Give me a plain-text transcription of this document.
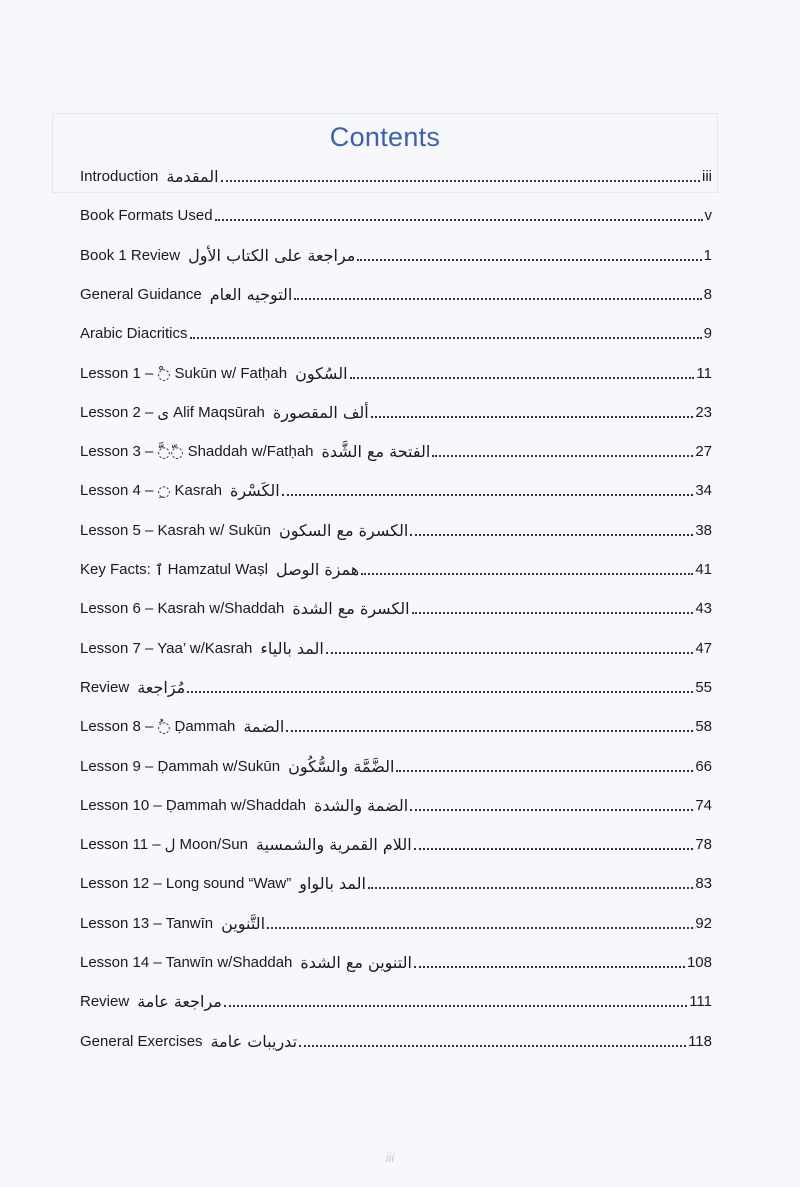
Contents
Introduction المقدمة	iii
Book Formats Used	v
Book 1 Review مراجعة على الكتاب الأول	1
General Guidance التوجيه العام	8
Arabic Diacritics	9
Lesson 1 – ◌ْ Sukūn w/ Fatḥah السُكون	11
Lesson 2 – ى Alif Maqsūrah ألف المقصورة	23
Lesson 3 – ◌َّ◌ّ Shaddah w/Fatḥah الفتحة مع الشَّدة	27
Lesson 4 – ◌ِ Kasrah الكَسْرة	34
Lesson 5 – Kasrah w/ Sukūn الكسرة مع السكون	38
Key Facts: ٱ Hamzatul Waṣl همزة الوصل	41
Lesson 6 – Kasrah w/Shaddah الكسرة مع الشدة	43
Lesson 7 – Yaa’ w/Kasrah المد بالياء	47
Review مُرَاجعة	55
Lesson 8 – ◌ُ Ḍammah الضمة	58
Lesson 9 – Ḍammah w/Sukūn الضَّمَّة والسُّكُون	66
Lesson 10 – Ḍammah w/Shaddah الضمة والشدة	74
Lesson 11 – ل Moon/Sun اللام القمرية والشمسية	78
Lesson 12 – Long sound “Waw” المد بالواو	83
Lesson 13 – Tanwīn التَّنوين	92
Lesson 14 – Tanwīn w/Shaddah التنوين مع الشدة	108
Review مراجعة عامة	111
General Exercises تدريبات عامة	118
iii
